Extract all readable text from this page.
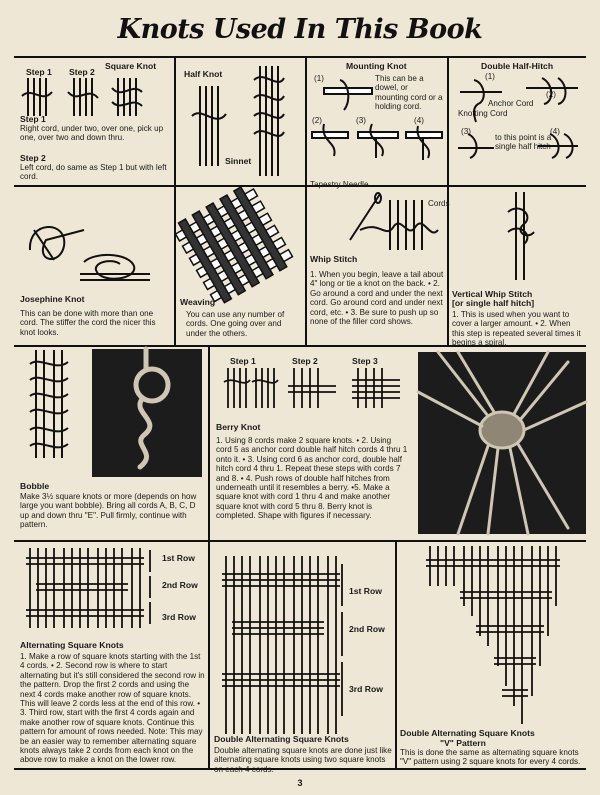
Knots Used In This Book
Step 1 Step 2
Square Knot
Step 1
Right cord, under two, over one, pick up one, over two and down thru.
Step 2
Left cord, do same as Step 1 but with left cord.
Half Knot
Sinnet
Mounting Knot
This can be a dowel, or mounting cord or a holding cord.
(1)
(2)	(3)	(4)
Double Half-Hitch
(1)
(2)
(3)	(4)
Anchor Cord
Knotting Cord
to this point is a single half hitch
Josephine Knot
This can be done with more than one cord. The stiffer the cord the nicer this knot looks.
Weaving
You can use any number of cords. One going over and under the others.
Tapestry Needle
Cords
Whip Stitch
1. When you begin, leave a tail about 4" long or tie a knot on the back. • 2. Go around a cord and under the next cord. Go around cord and under next cord, etc. • 3. Be sure to push up so none of the filler cord shows.
Vertical Whip Stitch
[or single half hitch]
1. This is used when you want to cover a larger amount. • 2. When this step is repeated several times it begins a spiral.
Bobble
Make 3½ square knots or more (depends on how large you want bobble). Bring all cords A, B, C, D up and down thru "E". Pull firmly, continue with pattern.
Step 1	Step 2	Step 3
Berry Knot
1. Using 8 cords make 2 square knots. • 2. Using cord 5 as anchor cord double half hitch cords 4 thru 1 onto it. • 3. Using cord 6 as anchor cord, double half hitch cord 4 thru 1. Repeat these steps with cords 7 and 8. • 4. Push rows of double half hitches from underneath until it resembles a berry. •5. Make a square knot with cord 1 thru 4 and make another square knot with cord 5 thru 8. Berry knot is completed. Shape with figures if necessary.
1st Row
2nd Row
3rd Row
Alternating Square Knots
1. Make a row of square knots starting with the 1st 4 cords. • 2. Second row is where to start alternating but it's still considered the second row in the pattern. Drop the first 2 cords and using the next 4 cords make another row of square knots. This will leave 2 cords less at the end of this row. • 3. Third row, start with the first 4 cords again and make another row of square knots. Continue this pattern for amount of rows needed. Note: This may be an easier way to remember alternating square knots always take 2 cords from each knot on the above row to make a knot on the lower row.
1st Row
2nd Row
3rd Row
Double Alternating Square Knots
Double alternating square knots are done just like alternating square knots using two square knots on each 4 cords.
Double Alternating Square Knots
"V" Pattern
This is done the same as alternating square knots "V" pattern using 2 square knots for every 4 cords.
3
